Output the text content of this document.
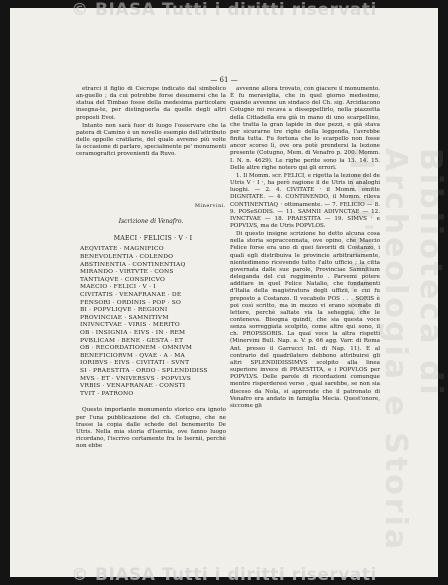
Biblioteca di Archeologia e Storia dell'Arte
— 61 —

etrarci il figlio di Cecrope indicato dal simbolico an-guello ; da cui potrebbe forse desumersi che la statua del Timbao fosse della medesima particolare insegna-te, per distinguerla da quelle degli altri proposti Evoi.

Intanto non sarà fuor di luogo l'osservare che la patera di Camino è un novello esempio dell'attributo delle oppolle cratilarie, del quale avremo più volte la occasione di parlare, specialmente pe' monumenti ceramografici provenienti da Ruvo.

Minervini.
Iscrizione di Venafro.
MAECI · FELICIS · V · I
AEQVITATE · MAGNIFICO
BENEVOLENTIA · COLENDO
ABSTINENTIA · CONTINENTIAQ
MIRANDO · VIRTVTE · CONS
TANTIAQVE · CONSPICVO
MAECIO · FELICI · V · I
CIVITATIS · VENAFRANAE · DE
FENSORI · ORDINIS · POP · SO
BI · POPVLIQVE · REGIONI
PROVINCIAE · SAMNITIVM
INIVNCTVAE · VIRIS · MERITO
OB · INSIGNIA · EIVS · IN · REM
PVBLICAM · BENE · GESTA · ET
OB · RECORDATIONEM · OMNIVM
BENEFICIORVM · QVAE · A · MA
IORIBVS · EIVS · CIVITATI · SVNT
SI · PRAESTITA · ORDO · SPLENDIDISS
MVS · ET · VNIVERSVS · POPVLVS
VRBIS · VENAFRANAE · CONSTI
TVIT · PATRONO

Questo importante monumento storico era ignoto per l'una pubblicazione del ch. Cotugno, che ne trasse la copia dalle schede del benemerito De Utris. Nella mia storia d'Isernia, ove fanno luogo ricordano, l'iscrivo certamente fra le Isernii, perchè non ebbe

avvenne allora trovato, con giacere il monumento. È fu meraviglia, che in quel giorno medesimo, quando avvenne un sindaco del Ch. sig. Arcidiacono Cotugno mi recava a disseppellirlo, nella piazzetta della Cittadella era già in mano di uno scarpellino, che tratta la gran lapide in due pezzi, e già stava per sicurarne tre righe della leggenda, l'avrebbe finita tutta. Fu fortuna che lo scarpello non fosse ancor scorso lì, ove ora potè prendersi la lezione presente (Cotugno, Mem. di Venafro p. 200. Momm. I. N. n. 4629). Le righe perite sono la 13. 14. 15. Delle altre righe notero qui gli errori.

1. Il Momm. scr. FELICI, e rigetta la lezione del de Utris V · I ·, ha però ragione il de Utris in analoghi luoghi. — 2. 4. CIVITATE · il Momm. omitte DIGNITATE. — 4. CONTINENDO, il Momm. rileva CONTINENTIAQ · ottimamente. — 7. FELICIO — 8. 9. POSeSODIS. — 11. SAMNII ADIVNCTAE — 12. IVNCTVAE — 18. PRAESTITA — 19. SIMVS · e POPVLVS, ma de Utris POPVLOS.

Di questo insigne scrizione ho detto alcuna cosa nella storia sopraccennata, ove opino, che Maecio Felice forse era uno di quei favoriti di Costanzo, i quali egli distribuiva le provincie arbitrariamente, nientedimeno ricevendo tutto l'alto ufficio ; la citta governata dalle sue parole, Provinciae Samnitium deleganda del cui reggimento . Parvemi potere additare in quel Felice Natalio, che fondamenti d'Italia della magistratura degli uffizii, e cui fu preposto a Costanzo. Il vocabolo POS . . . SORIS è poi così scritto, ma in mezzo vi erano scemate di lettere, perchè saltate via la seheggia, che le conteneva. Bisogna quindi, che sia questa voce senza sorreggiata scolpito, come altre qui sono, il ch. PROPSSORIS. La qual voce la altra rispetti (Minervini Bull. Nap. a. V. p. 66 agg. Varr. di Roma Ant. presso il Garrucci Inl. di Nap. 11). E al contrario del quadrilatero debbono attribuirsi gli altri SPLENDIDISSIMVS scolpito alla linea superiore invece di PRAESTITA, e i POPVLOS per POPVLVS. Delle parole di ricordazioni comunque mentre risperderesi verso , qual sarebbe, se non sia disceso da Nola, si apprende che il patronato di Venafro era andato in famiglia Mecia. Quest'onore, siccome gli

© BIASA Tutti i diritti riservati
© BIASA Tutti i diritti riservati
